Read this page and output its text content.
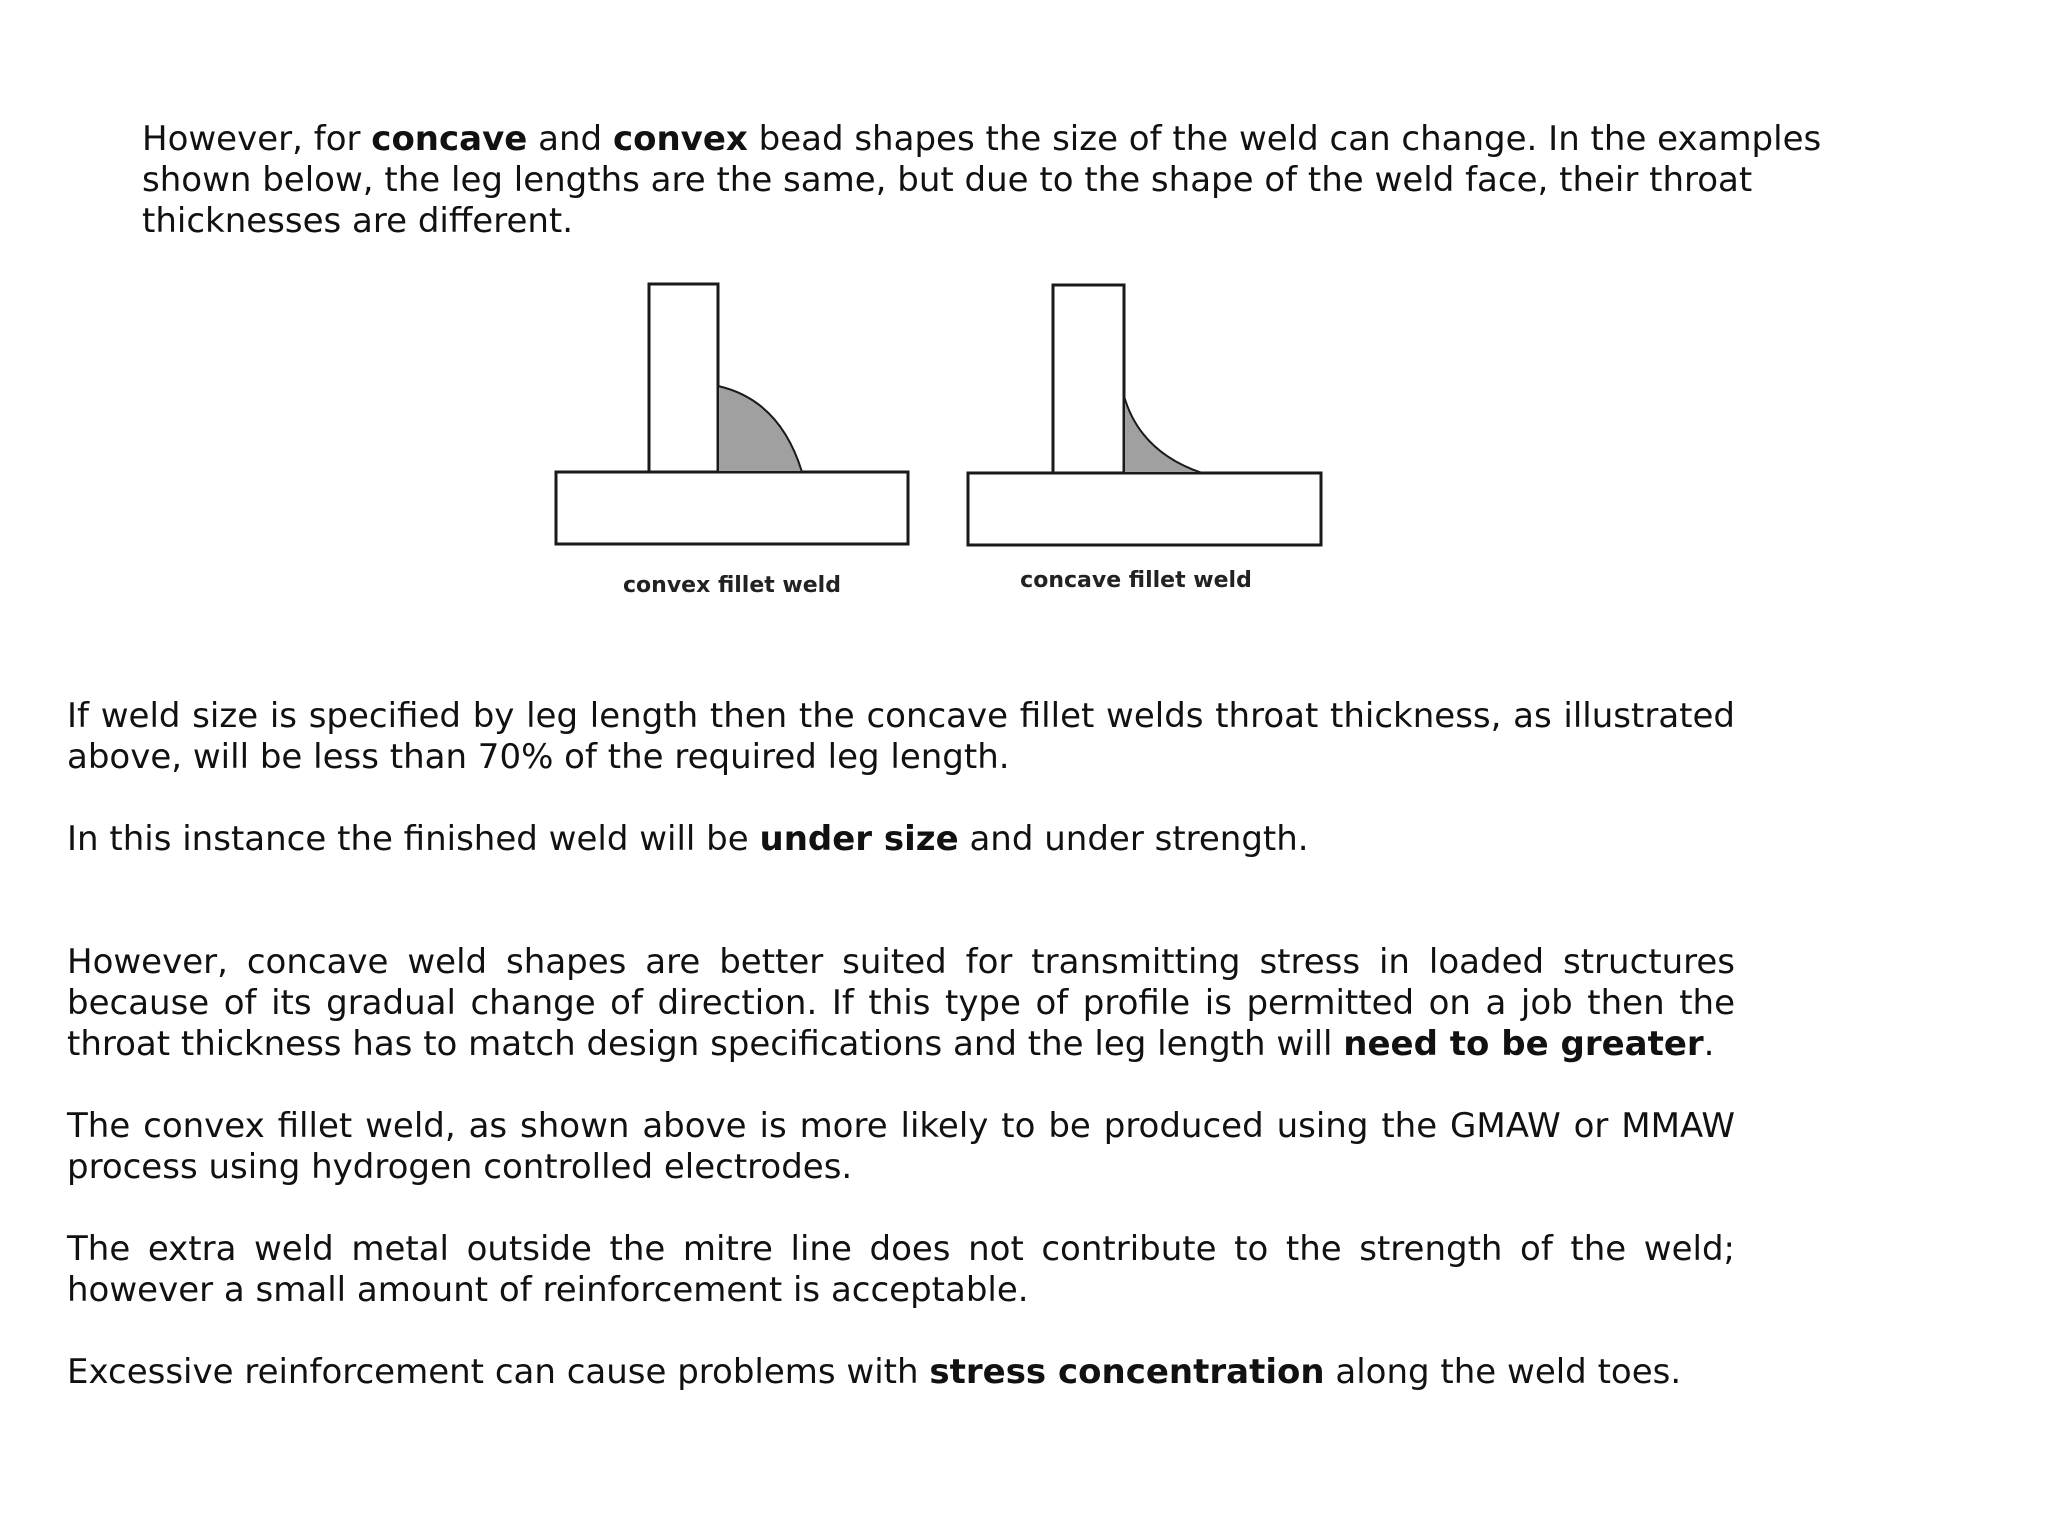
However, for concave and convex bead shapes the size of the weld can change. In the examples shown below, the leg lengths are the same, but due to the shape of the weld face, their throat thicknesses are different.

convex fillet weld	concave fillet weld

If weld size is specified by leg length then the concave fillet welds throat thickness, as illustrated above, will be less than 70% of the required leg length.

In this instance the finished weld will be under size and under strength.

However, concave weld shapes are better suited for transmitting stress in loaded structures because of its gradual change of direction. If this type of profile is permitted on a job then the throat thickness has to match design specifications and the leg length will need to be greater.

The convex fillet weld, as shown above is more likely to be produced using the GMAW or MMAW process using hydrogen controlled electrodes.

The extra weld metal outside the mitre line does not contribute to the strength of the weld; however a small amount of reinforcement is acceptable.

Excessive reinforcement can cause problems with stress concentration along the weld toes.
